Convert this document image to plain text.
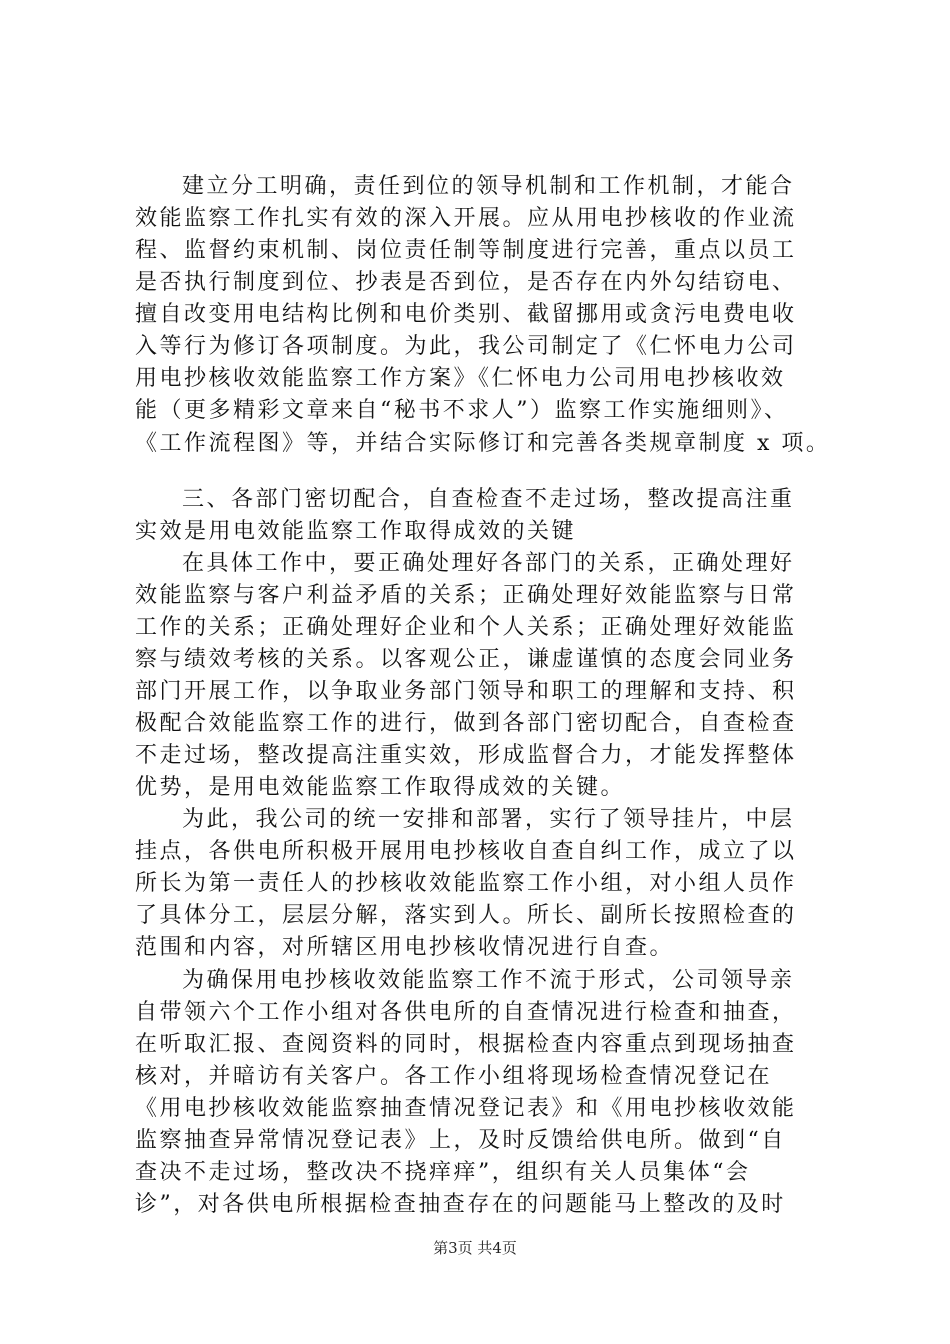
建立分工明确，责任到位的领导机制和工作机制，才能合
效能监察工作扎实有效的深入开展。应从用电抄核收的作业流
程、监督约束机制、岗位责任制等制度进行完善，重点以员工
是否执行制度到位、抄表是否到位，是否存在内外勾结窃电、
擅自改变用电结构比例和电价类别、截留挪用或贪污电费电收
入等行为修订各项制度。为此，我公司制定了《仁怀电力公司
用电抄核收效能监察工作方案》《仁怀电力公司用电抄核收效
能（更多精彩文章来自“秘书不求人”）监察工作实施细则》、
《工作流程图》等，并结合实际修订和完善各类规章制度 x 项。
三、各部门密切配合，自查检查不走过场，整改提高注重
实效是用电效能监察工作取得成效的关键
在具体工作中，要正确处理好各部门的关系，正确处理好
效能监察与客户利益矛盾的关系；正确处理好效能监察与日常
工作的关系；正确处理好企业和个人关系；正确处理好效能监
察与绩效考核的关系。以客观公正，谦虚谨慎的态度会同业务
部门开展工作，以争取业务部门领导和职工的理解和支持、积
极配合效能监察工作的进行，做到各部门密切配合，自查检查
不走过场，整改提高注重实效，形成监督合力，才能发挥整体
优势，是用电效能监察工作取得成效的关键。
为此，我公司的统一安排和部署，实行了领导挂片，中层
挂点，各供电所积极开展用电抄核收自查自纠工作，成立了以
所长为第一责任人的抄核收效能监察工作小组，对小组人员作
了具体分工，层层分解，落实到人。所长、副所长按照检查的
范围和内容，对所辖区用电抄核收情况进行自查。
为确保用电抄核收效能监察工作不流于形式，公司领导亲
自带领六个工作小组对各供电所的自查情况进行检查和抽查，
在听取汇报、查阅资料的同时，根据检查内容重点到现场抽查
核对，并暗访有关客户。各工作小组将现场检查情况登记在
《用电抄核收效能监察抽查情况登记表》和《用电抄核收效能
监察抽查异常情况登记表》上，及时反馈给供电所。做到“自
查决不走过场，整改决不挠痒痒”，组织有关人员集体“会
诊”，对各供电所根据检查抽查存在的问题能马上整改的及时
第3页 共4页
